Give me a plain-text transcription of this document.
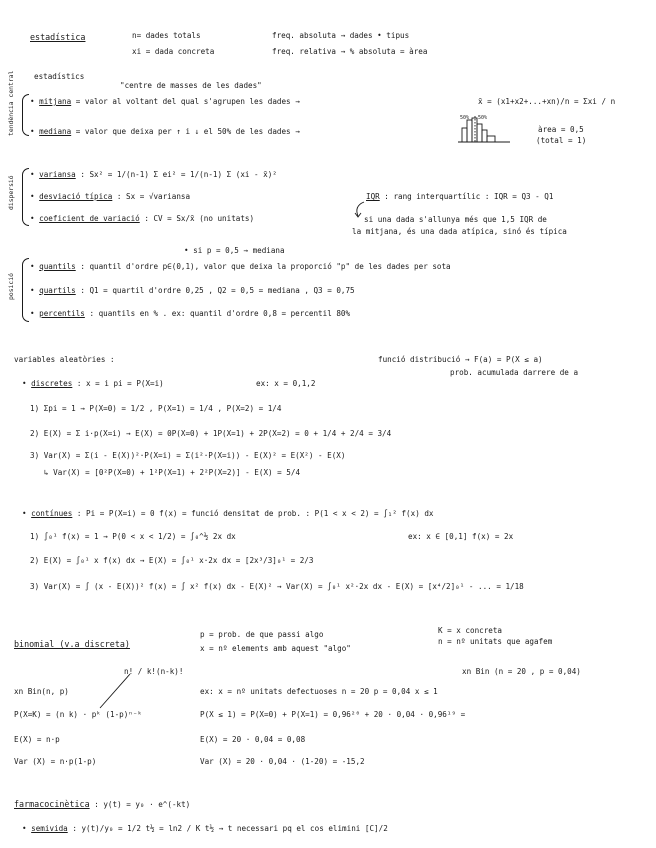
estadística	n= dades totals
xi = dada concreta
freq. absoluta → dades • tipus
freq. relativa → % absoluta = àrea
estadístics
"centre de masses de les dades"
tendència central • mitjana = valor al voltant del qual s'agrupen les dades →	x̄ = (x1+x2+...+xn)/n = Σxi / n
• mediana = valor que deixa per ↑ i ↓ el 50% de les dades →
50% 50%
àrea = 0,5
(total = 1)
dispersió
• variansa : Sx² = 1/(n-1) Σ ei² = 1/(n-1) Σ (xi - x̄)²
• desviació típica : Sx = √variansa
• coeficient de variació : CV = Sx/x̄ (no unitats)
IQR : rang interquartílic : IQR = Q3 - Q1
si una dada s'allunya més que 1,5 IQR de
la mitjana, és una dada atípica, sinó és típica
• si p = 0,5 → mediana
posició
• quantils : quantil d'ordre p∈(0,1), valor que deixa la proporció "p" de les dades per sota
• quartils : Q1 = quartil d'ordre 0,25 , Q2 = 0,5 = mediana , Q3 = 0,75
• percentils : quantils en % . ex: quantil d'ordre 0,8 = percentil 80%
variables aleatòries :	funció distribució → F(a) = P(X ≤ a)
prob. acumulada darrere de a
• discretes : x = i pi = P(X=i)	ex: x = 0,1,2
1) Σpi = 1 → P(X=0) = 1/2 , P(X=1) = 1/4 , P(X=2) = 1/4
2) E(X) = Σ i·p(X=i) → E(X) = 0P(X=0) + 1P(X=1) + 2P(X=2) = 0 + 1/4 + 2/4 = 3/4
3) Var(X) = Σ(i - E(X))²·P(X=i) = Σ(i²·P(X=i)) - E(X)² = E(X²) - E(X)
↳ Var(X) = [0²P(X=0) + 1²P(X=1) + 2²P(X=2)] - E(X) = 5/4
• contínues : Pi = P(X=i) = 0 f(x) = funció densitat de prob. : P(1 < x < 2) = ∫₁² f(x) dx
1) ∫₀¹ f(x) = 1 → P(0 < x < 1/2) = ∫₀^½ 2x dx	ex: x ∈ [0,1] f(x) = 2x
2) E(X) = ∫₀¹ x f(x) dx → E(X) = ∫₀¹ x·2x dx = [2x³/3]₀¹ = 2/3
3) Var(X) = ∫ (x - E(X))² f(x) = ∫ x² f(x) dx - E(X)² → Var(X) = ∫₀¹ x²·2x dx - E(X) = [x⁴/2]₀¹ - ... = 1/18
binomial (v.a discreta)
p = prob. de que passi algo
x = nº elements amb aquest "algo"
K = x concreta
n = nº unitats que agafem
n! / k!(n-k)!	xn Bin (n = 20 , p = 0,04)
xn Bin(n, p)	ex: x = nº unitats defectuoses n = 20 p = 0,04 x ≤ 1
P(X=K) = (n k) · pᵏ (1-p)ⁿ⁻ᵏ	P(X ≤ 1) = P(X=0) + P(X=1) = 0,96²⁰ + 20 · 0,04 · 0,96¹⁹ =
E(X) = n·p	E(X) = 20 · 0,04 = 0,08
Var (X) = n·p(1-p)	Var (X) = 20 · 0,04 · (1-20) = -15,2
farmacocinètica : y(t) = y₀ · e^(-kt)
• semivida : y(t)/y₀ = 1/2 t½ = ln2 / K t½ → t necessari pq el cos elimini [C]/2
